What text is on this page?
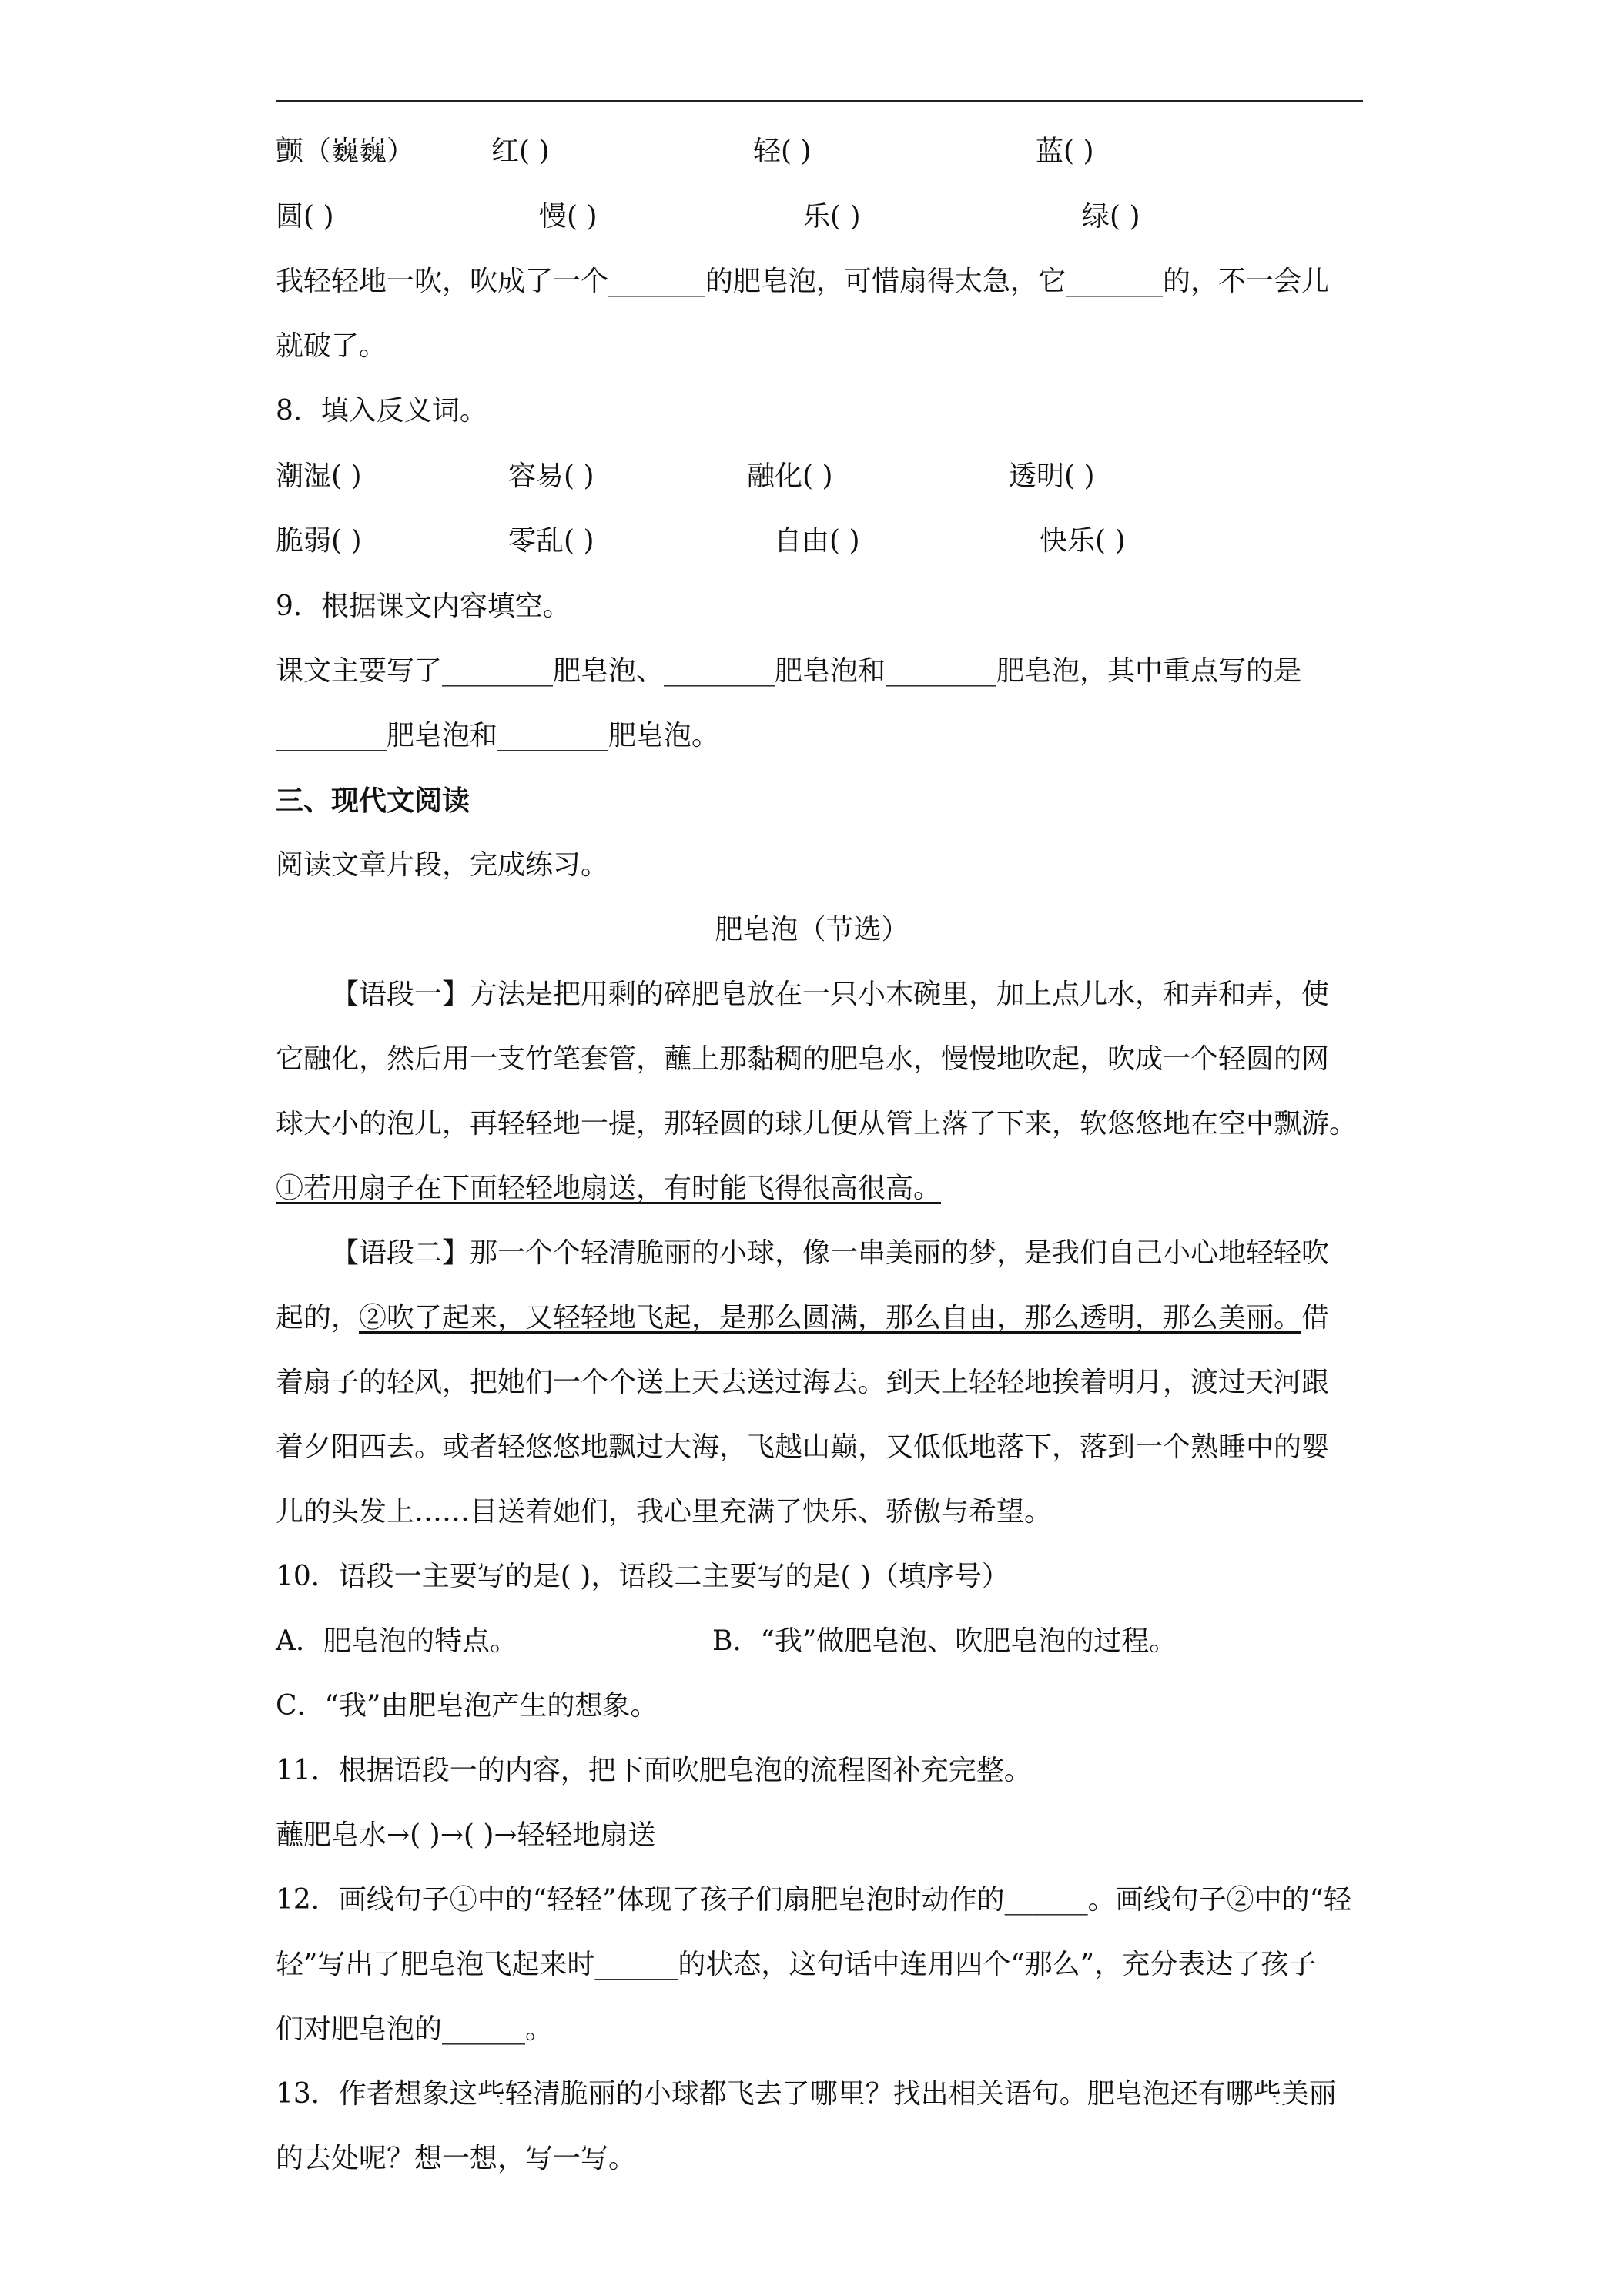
颤（巍巍）	红( )	轻( )	蓝( )
圆( )	慢( )	乐( )	绿( )
我轻轻地一吹，吹成了一个_______的肥皂泡，可惜扇得太急，它_______的，不一会儿
就破了。
8．填入反义词。
潮湿( )	容易( )	融化( )	透明( )
脆弱( )	零乱( )	自由( )	快乐( )
9．根据课文内容填空。
课文主要写了________肥皂泡、________肥皂泡和________肥皂泡，其中重点写的是
________肥皂泡和________肥皂泡。
三、现代文阅读
阅读文章片段，完成练习。
肥皂泡（节选）
【语段一】方法是把用剩的碎肥皂放在一只小木碗里，加上点儿水，和弄和弄，使
它融化，然后用一支竹笔套管，蘸上那黏稠的肥皂水，慢慢地吹起，吹成一个轻圆的网
球大小的泡儿，再轻轻地一提，那轻圆的球儿便从管上落了下来，软悠悠地在空中飘游。
①若用扇子在下面轻轻地扇送，有时能飞得很高很高。
【语段二】那一个个轻清脆丽的小球，像一串美丽的梦，是我们自己小心地轻轻吹
起的，②吹了起来，又轻轻地飞起，是那么圆满，那么自由，那么透明，那么美丽。借
着扇子的轻风，把她们一个个送上天去送过海去。到天上轻轻地挨着明月，渡过天河跟
着夕阳西去。或者轻悠悠地飘过大海，飞越山巅，又低低地落下，落到一个熟睡中的婴
儿的头发上……目送着她们，我心里充满了快乐、骄傲与希望。
10．语段一主要写的是( )，语段二主要写的是( )（填序号）
A．肥皂泡的特点。	B．“我”做肥皂泡、吹肥皂泡的过程。
C．“我”由肥皂泡产生的想象。
11．根据语段一的内容，把下面吹肥皂泡的流程图补充完整。
蘸肥皂水→( )→( )→轻轻地扇送
12．画线句子①中的“轻轻”体现了孩子们扇肥皂泡时动作的______。画线句子②中的“轻
轻”写出了肥皂泡飞起来时______的状态，这句话中连用四个“那么”，充分表达了孩子
们对肥皂泡的______。
13．作者想象这些轻清脆丽的小球都飞去了哪里？找出相关语句。肥皂泡还有哪些美丽
的去处呢？想一想，写一写。
